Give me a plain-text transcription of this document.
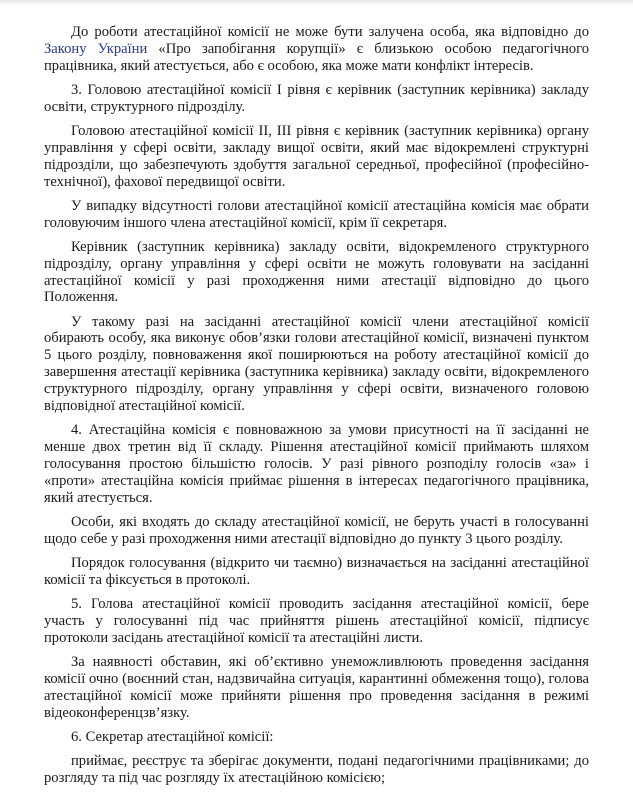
До роботи атестаційної комісії не може бути залучена особа, яка відповідно до Закону України «Про запобігання корупції» є близькою особою педагогічного працівника, який атестується, або є особою, яка може мати конфлікт інтересів.

3. Головою атестаційної комісії І рівня є керівник (заступник керівника) закладу освіти, структурного підрозділу.

Головою атестаційної комісії ІІ, ІІІ рівня є керівник (заступник керівника) органу управління у сфері освіти, закладу вищої освіти, який має відокремлені структурні підрозділи, що забезпечують здобуття загальної середньої, професійної (професійно-технічної), фахової передвищої освіти.

У випадку відсутності голови атестаційної комісії атестаційна комісія має обрати головуючим іншого члена атестаційної комісії, крім її секретаря.

Керівник (заступник керівника) закладу освіти, відокремленого структурного підрозділу, органу управління у сфері освіти не можуть головувати на засіданні атестаційної комісії у разі проходження ними атестації відповідно до цього Положення.

У такому разі на засіданні атестаційної комісії члени атестаційної комісії обирають особу, яка виконує обов’язки голови атестаційної комісії, визначені пунктом 5 цього розділу, повноваження якої поширюються на роботу атестаційної комісії до завершення атестації керівника (заступника керівника) закладу освіти, відокремленого структурного підрозділу, органу управління у сфері освіти, визначеного головою відповідної атестаційної комісії.

4. Атестаційна комісія є повноважною за умови присутності на її засіданні не менше двох третин від її складу. Рішення атестаційної комісії приймають шляхом голосування простою більшістю голосів. У разі рівного розподілу голосів «за» і «проти» атестаційна комісія приймає рішення в інтересах педагогічного працівника, який атестується.

Особи, які входять до складу атестаційної комісії, не беруть участі в голосуванні щодо себе у разі проходження ними атестації відповідно до пункту 3 цього розділу.

Порядок голосування (відкрито чи таємно) визначається на засіданні атестаційної комісії та фіксується в протоколі.

5. Голова атестаційної комісії проводить засідання атестаційної комісії, бере участь у голосуванні під час прийняття рішень атестаційної комісії, підписує протоколи засідань атестаційної комісії та атестаційні листи.

За наявності обставин, які об’єктивно унеможливлюють проведення засідання комісії очно (воєнний стан, надзвичайна ситуація, карантинні обмеження тощо), голова атестаційної комісії може прийняти рішення про проведення засідання в режимі відеоконференцзв’язку.

6. Секретар атестаційної комісії:

приймає, реєструє та зберігає документи, подані педагогічними працівниками; до розгляду та під час розгляду їх атестаційною комісією;
